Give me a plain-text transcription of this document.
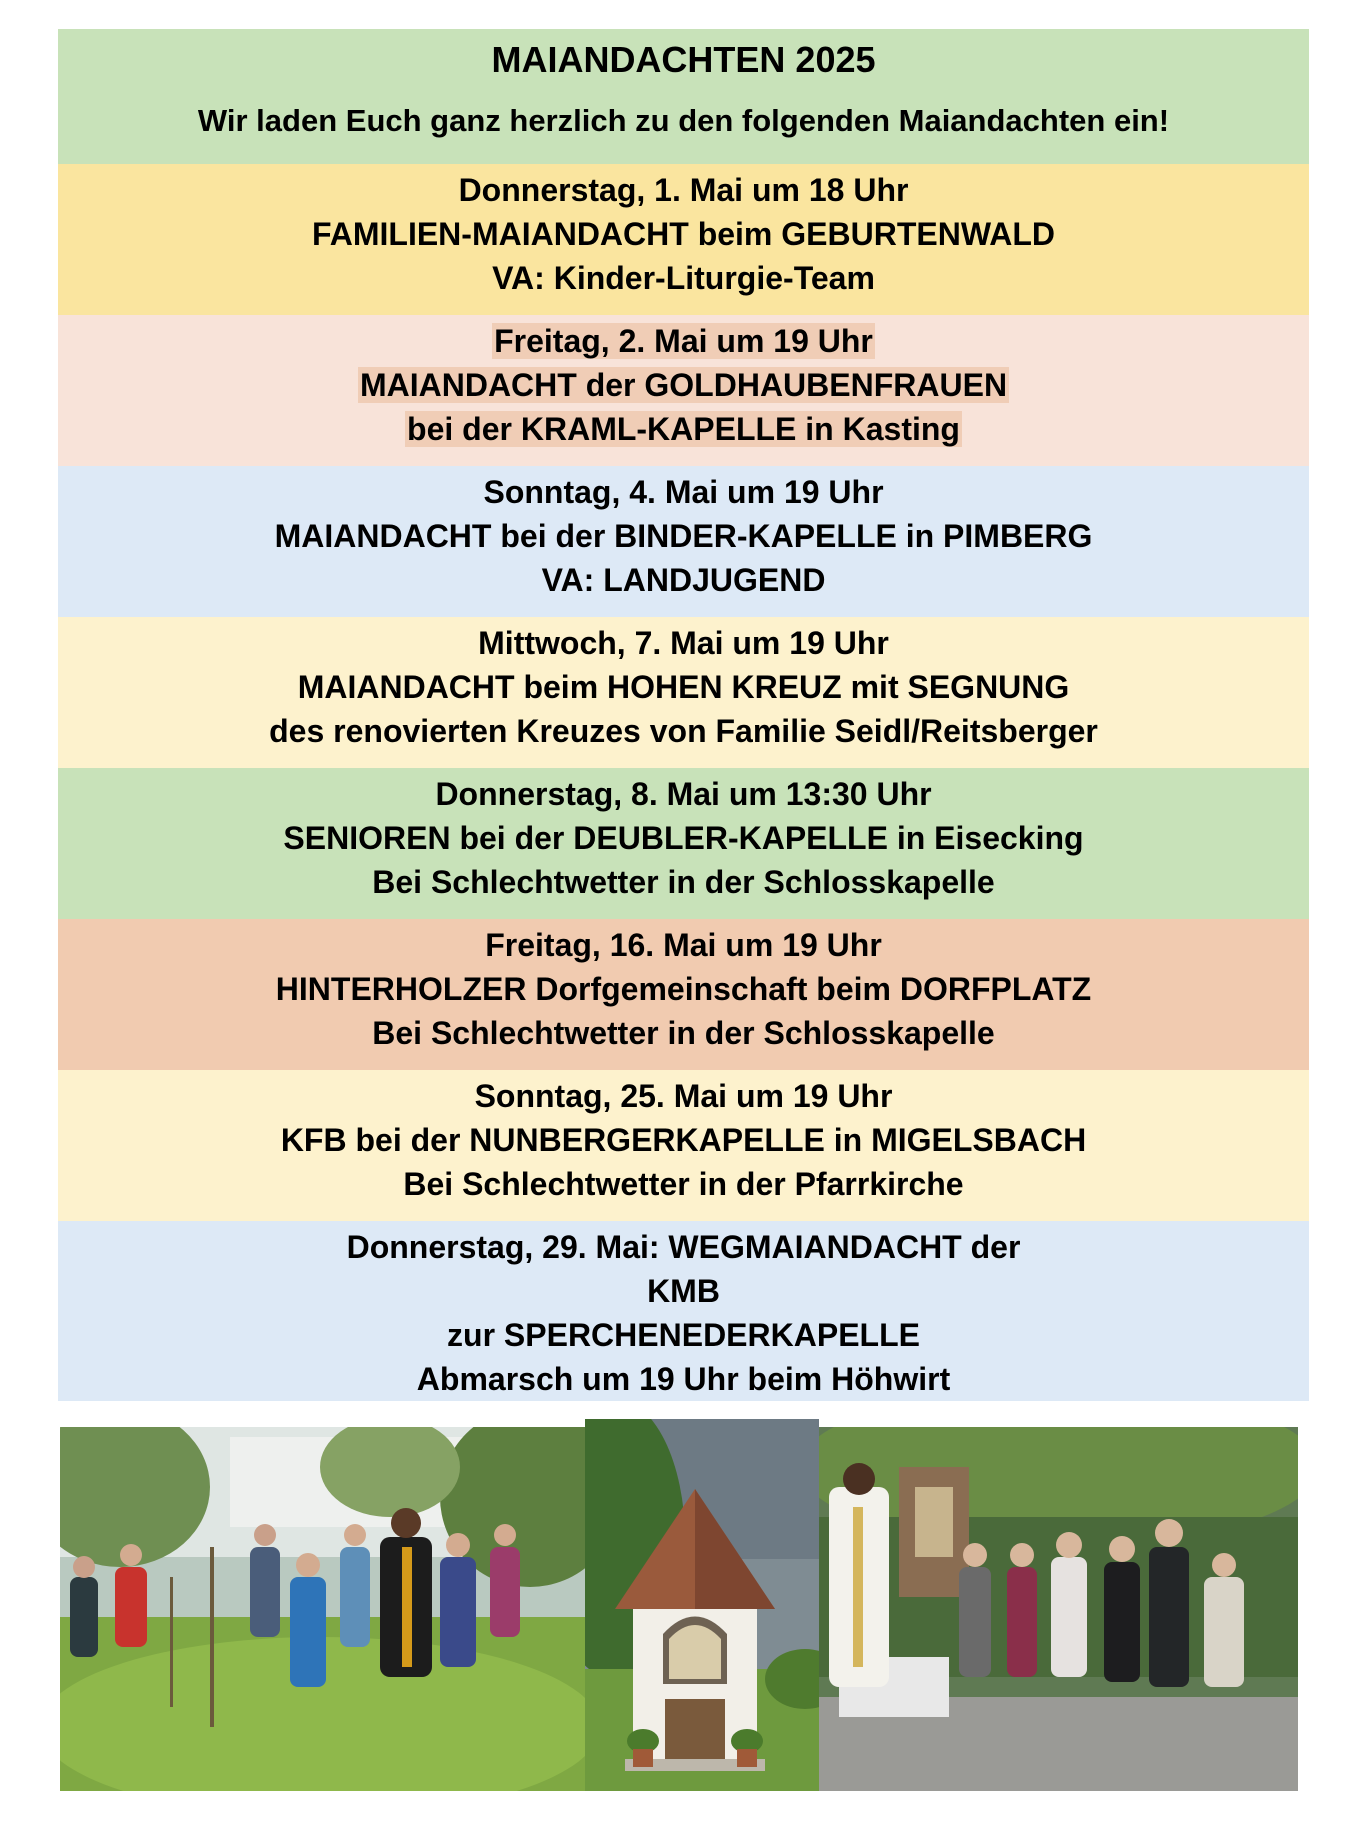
MAIANDACHTEN 2025
Wir laden Euch ganz herzlich zu den folgenden Maiandachten ein!
Donnerstag, 1. Mai um 18 Uhr
FAMILIEN-MAIANDACHT beim GEBURTENWALD
VA: Kinder-Liturgie-Team
Freitag, 2. Mai um 19 Uhr
MAIANDACHT der GOLDHAUBENFRAUEN
bei der KRAML-KAPELLE in Kasting
Sonntag, 4. Mai um 19 Uhr
MAIANDACHT bei der BINDER-KAPELLE in PIMBERG
VA: LANDJUGEND
Mittwoch, 7. Mai um 19 Uhr
MAIANDACHT beim HOHEN KREUZ mit SEGNUNG
des renovierten Kreuzes von Familie Seidl/Reitsberger
Donnerstag, 8. Mai um 13:30 Uhr
SENIOREN bei der DEUBLER-KAPELLE in Eisecking
Bei Schlechtwetter in der Schlosskapelle
Freitag, 16. Mai um 19 Uhr
HINTERHOLZER Dorfgemeinschaft beim DORFPLATZ
Bei Schlechtwetter in der Schlosskapelle
Sonntag, 25. Mai um 19 Uhr
KFB bei der NUNBERGERKAPELLE in MIGELSBACH
Bei Schlechtwetter in der Pfarrkirche
Donnerstag, 29. Mai: WEGMAIANDACHT der
KMB
zur SPERCHENEDERKAPELLE
Abmarsch um 19 Uhr beim Höhwirt
